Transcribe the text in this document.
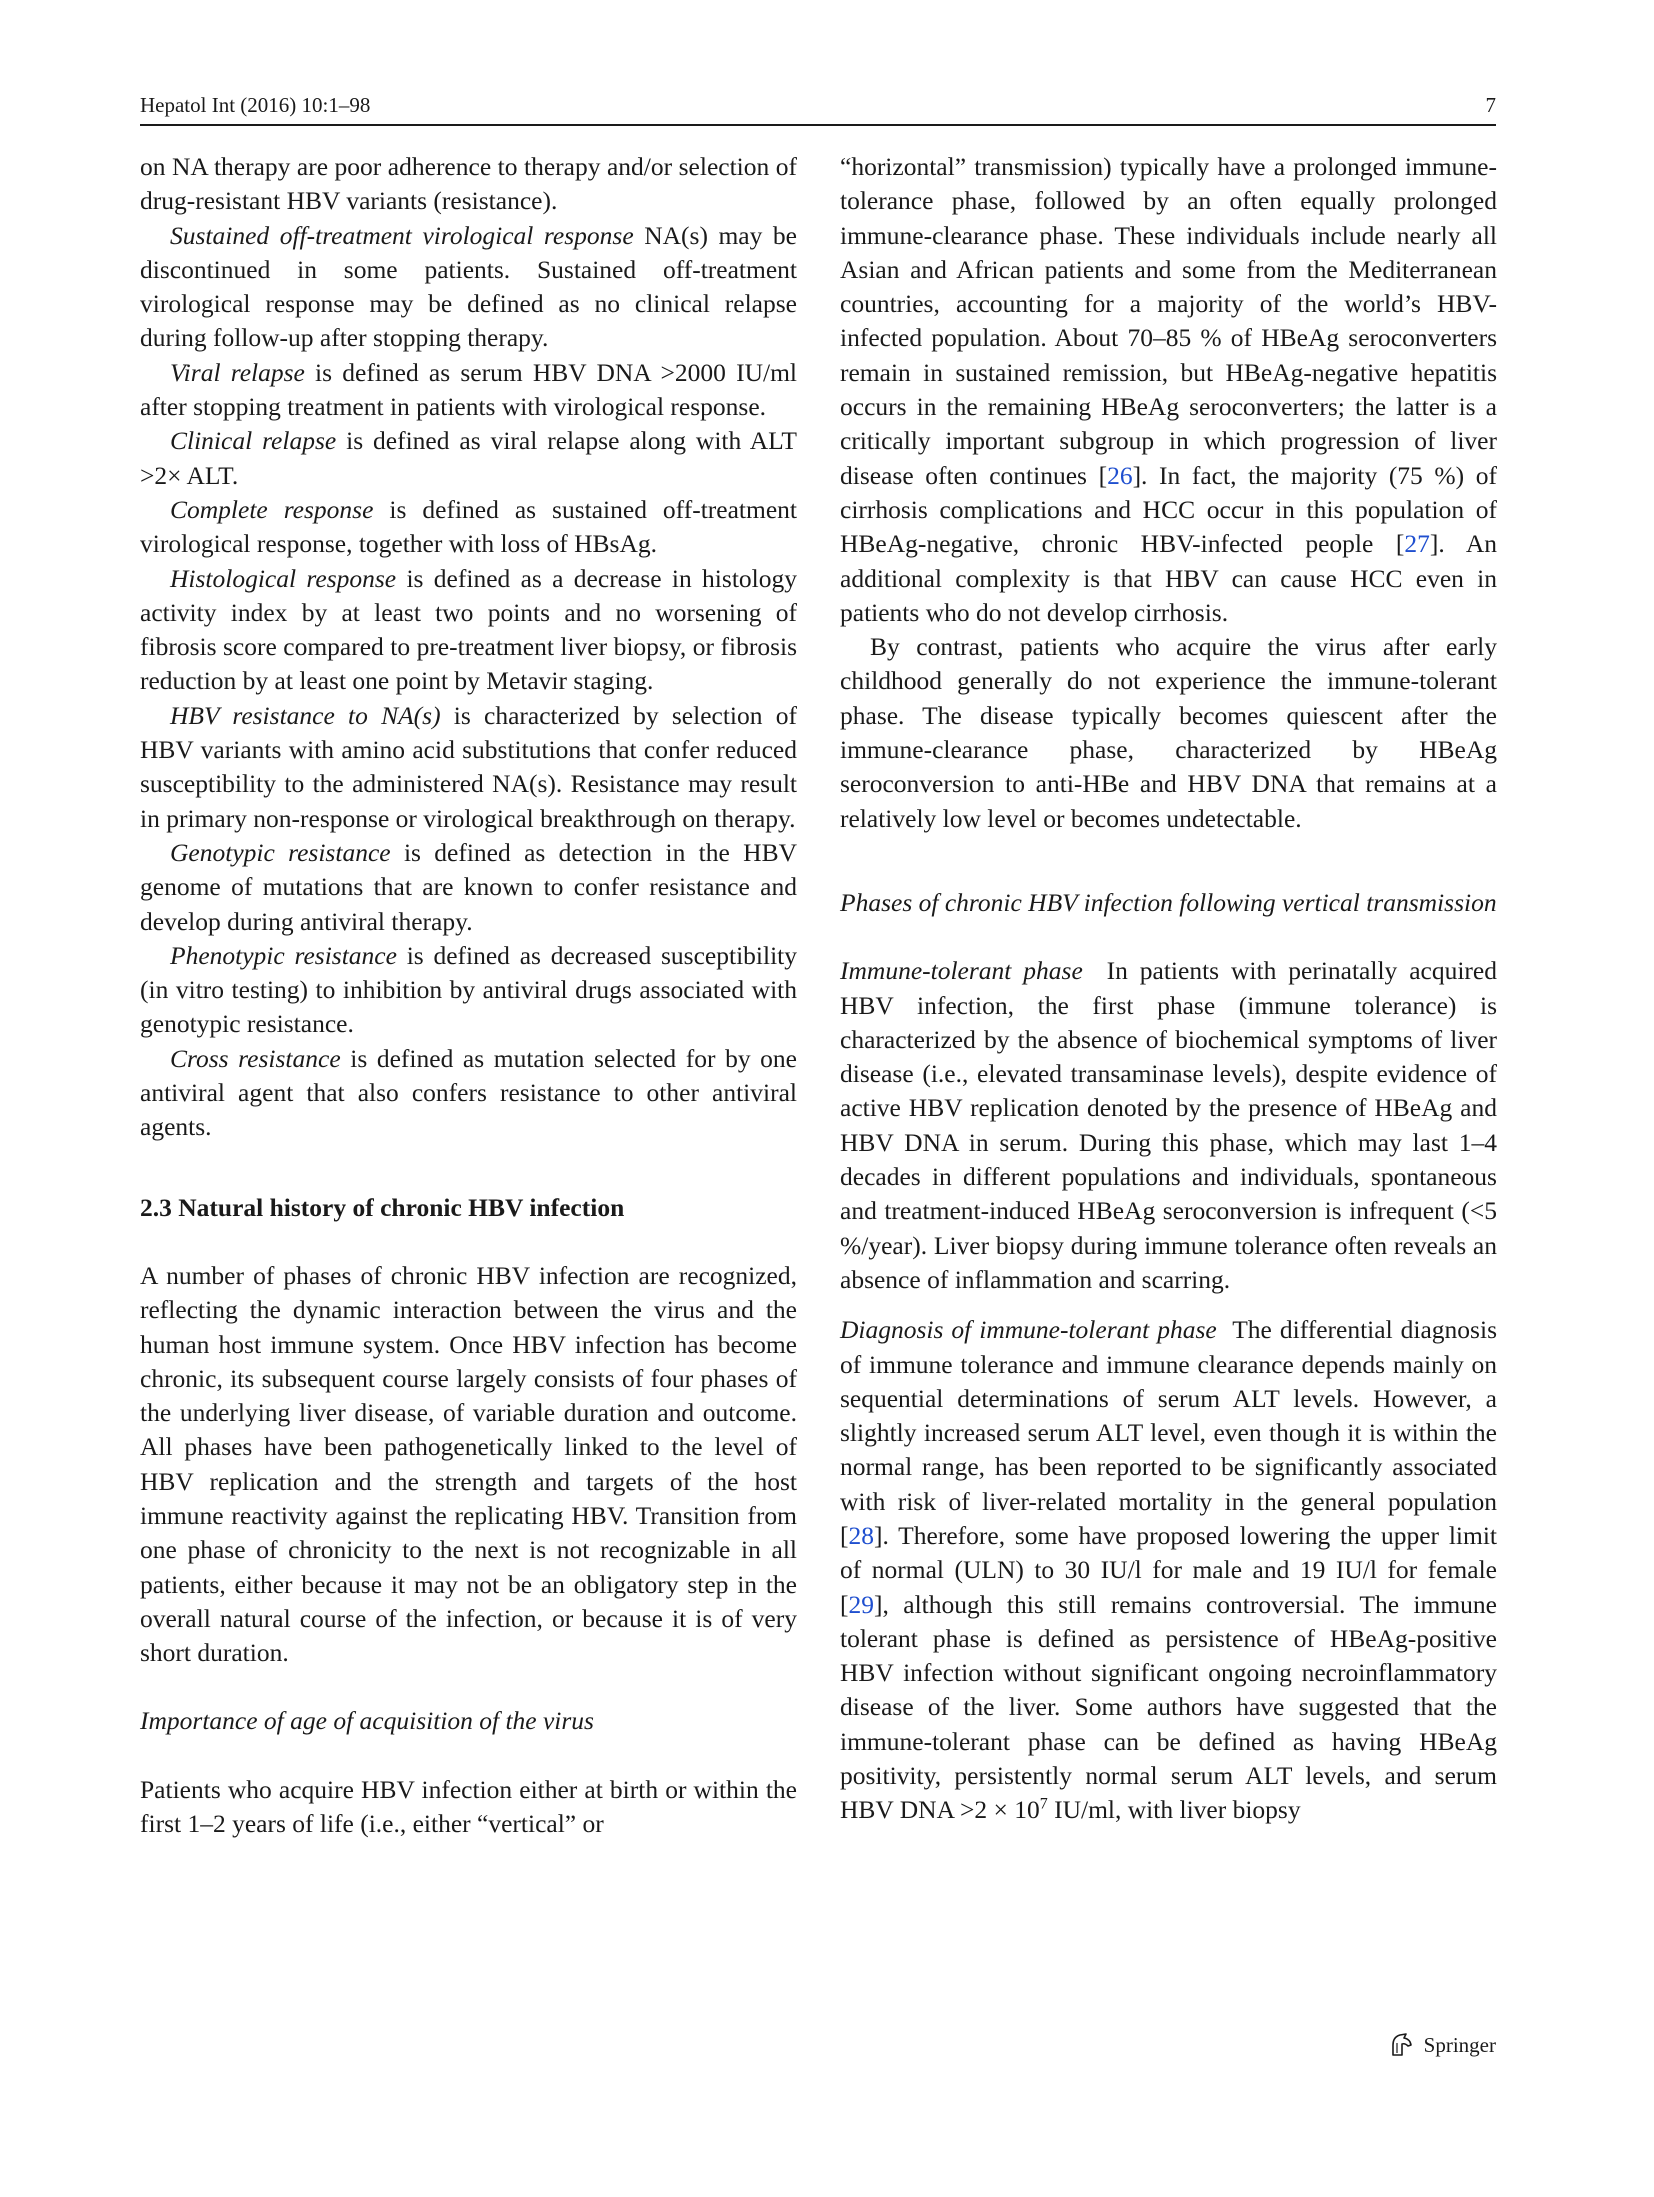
Hepatol Int (2016) 10:1–98	7

on NA therapy are poor adherence to therapy and/or selection of drug-resistant HBV variants (resistance).

Sustained off-treatment virological response NA(s) may be discontinued in some patients. Sustained off-treatment virological response may be defined as no clinical relapse during follow-up after stopping therapy.

Viral relapse is defined as serum HBV DNA >2000 IU/ml after stopping treatment in patients with virological response.

Clinical relapse is defined as viral relapse along with ALT >2× ALT.

Complete response is defined as sustained off-treatment virological response, together with loss of HBsAg.

Histological response is defined as a decrease in histology activity index by at least two points and no worsening of fibrosis score compared to pre-treatment liver biopsy, or fibrosis reduction by at least one point by Metavir staging.

HBV resistance to NA(s) is characterized by selection of HBV variants with amino acid substitutions that confer reduced susceptibility to the administered NA(s). Resistance may result in primary non-response or virological breakthrough on therapy.

Genotypic resistance is defined as detection in the HBV genome of mutations that are known to confer resistance and develop during antiviral therapy.

Phenotypic resistance is defined as decreased susceptibility (in vitro testing) to inhibition by antiviral drugs associated with genotypic resistance.

Cross resistance is defined as mutation selected for by one antiviral agent that also confers resistance to other antiviral agents.

2.3 Natural history of chronic HBV infection

A number of phases of chronic HBV infection are recognized, reflecting the dynamic interaction between the virus and the human host immune system. Once HBV infection has become chronic, its subsequent course largely consists of four phases of the underlying liver disease, of variable duration and outcome. All phases have been pathogenetically linked to the level of HBV replication and the strength and targets of the host immune reactivity against the replicating HBV. Transition from one phase of chronicity to the next is not recognizable in all patients, either because it may not be an obligatory step in the overall natural course of the infection, or because it is of very short duration.

Importance of age of acquisition of the virus

Patients who acquire HBV infection either at birth or within the first 1–2 years of life (i.e., either “vertical” or

“horizontal” transmission) typically have a prolonged immune-tolerance phase, followed by an often equally prolonged immune-clearance phase. These individuals include nearly all Asian and African patients and some from the Mediterranean countries, accounting for a majority of the world’s HBV-infected population. About 70–85 % of HBeAg seroconverters remain in sustained remission, but HBeAg-negative hepatitis occurs in the remaining HBeAg seroconverters; the latter is a critically important subgroup in which progression of liver disease often continues [26]. In fact, the majority (75 %) of cirrhosis complications and HCC occur in this population of HBeAg-negative, chronic HBV-infected people [27]. An additional complexity is that HBV can cause HCC even in patients who do not develop cirrhosis.

By contrast, patients who acquire the virus after early childhood generally do not experience the immune-tolerant phase. The disease typically becomes quiescent after the immune-clearance phase, characterized by HBeAg seroconversion to anti-HBe and HBV DNA that remains at a relatively low level or becomes undetectable.

Phases of chronic HBV infection following vertical transmission

Immune-tolerant phase  In patients with perinatally acquired HBV infection, the first phase (immune tolerance) is characterized by the absence of biochemical symptoms of liver disease (i.e., elevated transaminase levels), despite evidence of active HBV replication denoted by the presence of HBeAg and HBV DNA in serum. During this phase, which may last 1–4 decades in different populations and individuals, spontaneous and treatment-induced HBeAg seroconversion is infrequent (<5 %/year). Liver biopsy during immune tolerance often reveals an absence of inflammation and scarring.

Diagnosis of immune-tolerant phase  The differential diagnosis of immune tolerance and immune clearance depends mainly on sequential determinations of serum ALT levels. However, a slightly increased serum ALT level, even though it is within the normal range, has been reported to be significantly associated with risk of liver-related mortality in the general population [28]. Therefore, some have proposed lowering the upper limit of normal (ULN) to 30 IU/l for male and 19 IU/l for female [29], although this still remains controversial. The immune tolerant phase is defined as persistence of HBeAg-positive HBV infection without significant ongoing necroinflammatory disease of the liver. Some authors have suggested that the immune-tolerant phase can be defined as having HBeAg positivity, persistently normal serum ALT levels, and serum HBV DNA $>2 \times 10^7$ IU/ml, with liver biopsy

Springer
